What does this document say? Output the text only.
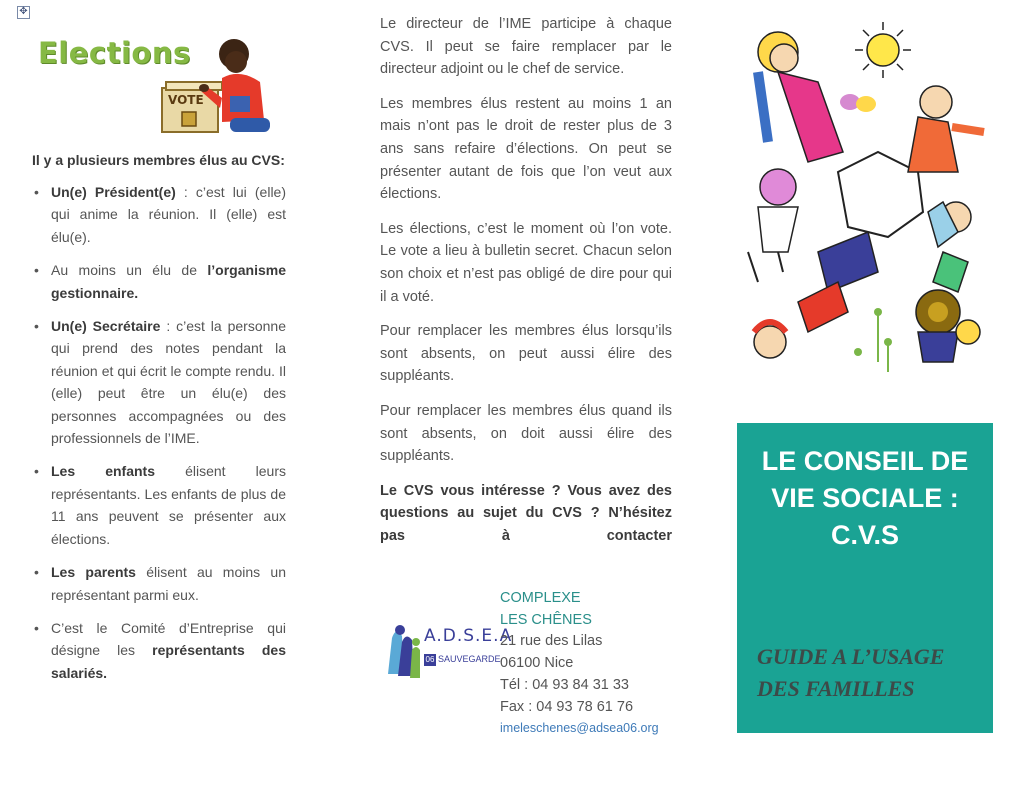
✥
Elections
VOTE

Il y a plusieurs membres élus au CVS:

• Un(e) Président(e) : c’est lui (elle) qui anime la réunion. Il (elle) est élu(e).
• Au moins un élu de l’organisme gestionnaire.
• Un(e) Secrétaire : c’est la personne qui prend des notes pendant la réunion et qui écrit le compte rendu. Il (elle) peut être un élu(e) des personnes accompagnées ou des professionnels de l’IME.
• Les enfants élisent leurs représentants. Les enfants de plus de 11 ans peuvent se présenter aux élections.
• Les parents élisent au moins un représentant parmi eux.
• C’est le Comité d’Entreprise qui désigne les représentants des salariés.

Le directeur de l’IME participe à chaque CVS. Il peut se faire remplacer par le directeur adjoint ou le chef de service.

Les membres élus restent au moins 1 an mais n’ont pas le droit de rester plus de 3 ans sans refaire d’élections. On peut se présenter autant de fois que l’on veut aux élections.

Les élections, c’est le moment où l’on vote. Le vote a lieu à bulletin secret. Chacun selon son choix et n’est pas obligé de dire pour qui il a voté.

Pour remplacer les membres élus lorsqu’ils sont absents, on peut aussi élire des suppléants.

Pour remplacer les membres élus quand ils sont absents, on doit aussi élire des suppléants.

Le CVS vous intéresse ? Vous avez des questions au sujet du CVS ? N’hésitez pas à contacter

A.D.S.E.A
06 SAUVEGARDE
COMPLEXE
LES CHÊNES
21 rue des Lilas
06100 Nice
Tél : 04 93 84 31 33
Fax : 04 93 78 61 76
imeleschenes@adsea06.org
LE CONSEIL DE
VIE SOCIALE :
C.V.S
GUIDE A L’USAGE
DES FAMILLES
